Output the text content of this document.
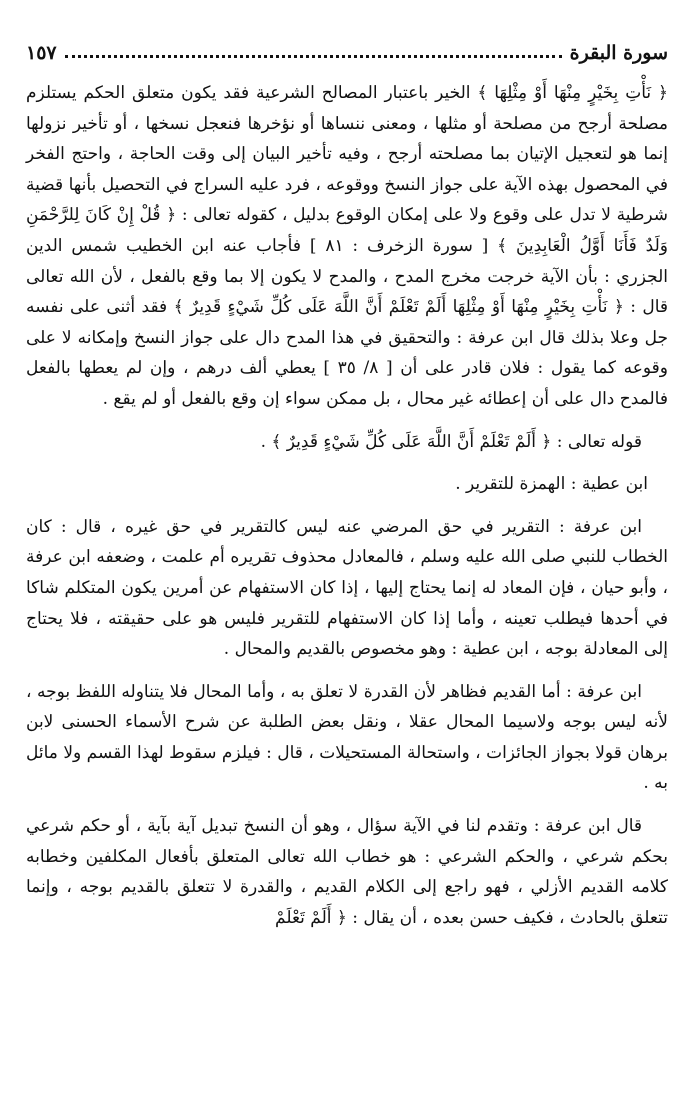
سورة البقرة
١٥٧

﴿ نَأْتِ بِخَيْرٍ مِنْهَا أَوْ مِثْلِهَا ﴾ الخير باعتبار المصالح الشرعية فقد يكون متعلق الحكم يستلزم مصلحة أرجح من مصلحة أو مثلها ، ومعنى ننساها أو نؤخرها فنعجل نسخها ، أو تأخير نزولها إنما هو لتعجيل الإتيان بما مصلحته أرجح ، وفيه تأخير البيان إلى وقت الحاجة ، واحتج الفخر في المحصول بهذه الآية على جواز النسخ ووقوعه ، فرد عليه السراج في التحصيل بأنها قضية شرطية لا تدل على وقوع ولا على إمكان الوقوع بدليل ، كقوله تعالى : ﴿ قُلْ إِنْ كَانَ لِلرَّحْمَنِ وَلَدٌ فَأَنَا أَوَّلُ الْعَابِدِينَ ﴾ [ سورة الزخرف : ٨١ ] فأجاب عنه ابن الخطيب شمس الدين الجزري : بأن الآية خرجت مخرج المدح ، والمدح لا يكون إلا بما وقع بالفعل ، لأن الله تعالى قال : ﴿ نَأْتِ بِخَيْرٍ مِنْهَا أَوْ مِثْلِهَا أَلَمْ تَعْلَمْ أَنَّ اللَّهَ عَلَى كُلِّ شَيْءٍ قَدِيرٌ ﴾ فقد أثنى على نفسه جل وعلا بذلك قال ابن عرفة : والتحقيق في هذا المدح دال على جواز النسخ وإمكانه لا على وقوعه كما يقول : فلان قادر على أن [ ٨/ ٣٥ ] يعطي ألف درهم ، وإن لم يعطها بالفعل فالمدح دال على أن إعطائه غير محال ، بل ممكن سواء إن وقع بالفعل أو لم يقع .

قوله تعالى : ﴿ أَلَمْ تَعْلَمْ أَنَّ اللَّهَ عَلَى كُلِّ شَيْءٍ قَدِيرٌ ﴾ .

ابن عطية : الهمزة للتقرير .

ابن عرفة : التقرير في حق المرضي عنه ليس كالتقرير في حق غيره ، قال : كان الخطاب للنبي صلى الله عليه وسلم ، فالمعادل محذوف تقريره أم علمت ، وضعفه ابن عرفة ، وأبو حيان ، فإن المعاد له إنما يحتاج إليها ، إذا كان الاستفهام عن أمرين يكون المتكلم شاكا في أحدها فيطلب تعينه ، وأما إذا كان الاستفهام للتقرير فليس هو على حقيقته ، فلا يحتاج إلى المعادلة بوجه ، ابن عطية : وهو مخصوص بالقديم والمحال .

ابن عرفة : أما القديم فظاهر لأن القدرة لا تعلق به ، وأما المحال فلا يتناوله اللفظ بوجه ، لأنه ليس بوجه ولاسيما المحال عقلا ، ونقل بعض الطلبة عن شرح الأسماء الحسنى لابن برهان قولا بجواز الجائزات ، واستحالة المستحيلات ، قال : فيلزم سقوط لهذا القسم ولا مائل به .

قال ابن عرفة : وتقدم لنا في الآية سؤال ، وهو أن النسخ تبديل آية بآية ، أو حكم شرعي بحكم شرعي ، والحكم الشرعي : هو خطاب الله تعالى المتعلق بأفعال المكلفين وخطابه كلامه القديم الأزلي ، فهو راجع إلى الكلام القديم ، والقدرة لا تتعلق بالقديم بوجه ، وإنما تتعلق بالحادث ، فكيف حسن بعده ، أن يقال : ﴿ أَلَمْ تَعْلَمْ
